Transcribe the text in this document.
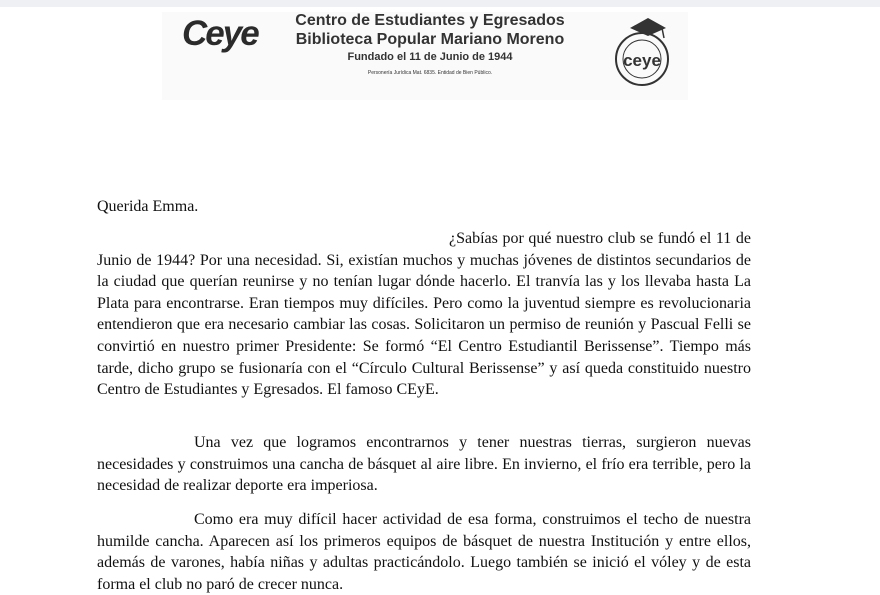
Ceye	Centro de Estudiantes y Egresados
Biblioteca Popular Mariano Moreno
Fundado el 11 de Junio de 1944
Personería Jurídica Mat. 6835. Entidad de Bien Público.
ceye
Querida Emma.
¿Sabías por qué nuestro club se fundó el 11 de Junio de 1944? Por una necesidad. Si, existían muchos y muchas jóvenes de distintos secundarios de la ciudad que querían reunirse y no tenían lugar dónde hacerlo. El tranvía las y los llevaba hasta La Plata para encontrarse. Eran tiempos muy difíciles. Pero como la juventud siempre es revolucionaria entendieron que era necesario cambiar las cosas. Solicitaron un permiso de reunión y Pascual Felli se convirtió en nuestro primer Presidente: Se formó “El Centro Estudiantil Berissense”. Tiempo más tarde, dicho grupo se fusionaría con el “Círculo Cultural Berissense” y así queda constituido nuestro Centro de Estudiantes y Egresados. El famoso CEyE.
Una vez que logramos encontrarnos y tener nuestras tierras, surgieron nuevas necesidades y construimos una cancha de básquet al aire libre. En invierno, el frío era terrible, pero la necesidad de realizar deporte era imperiosa.
Como era muy difícil hacer actividad de esa forma, construimos el techo de nuestra humilde cancha. Aparecen así los primeros equipos de básquet de nuestra Institución y entre ellos, además de varones, había niñas y adultas practicándolo. Luego también se inició el vóley y de esta forma el club no paró de crecer nunca.
